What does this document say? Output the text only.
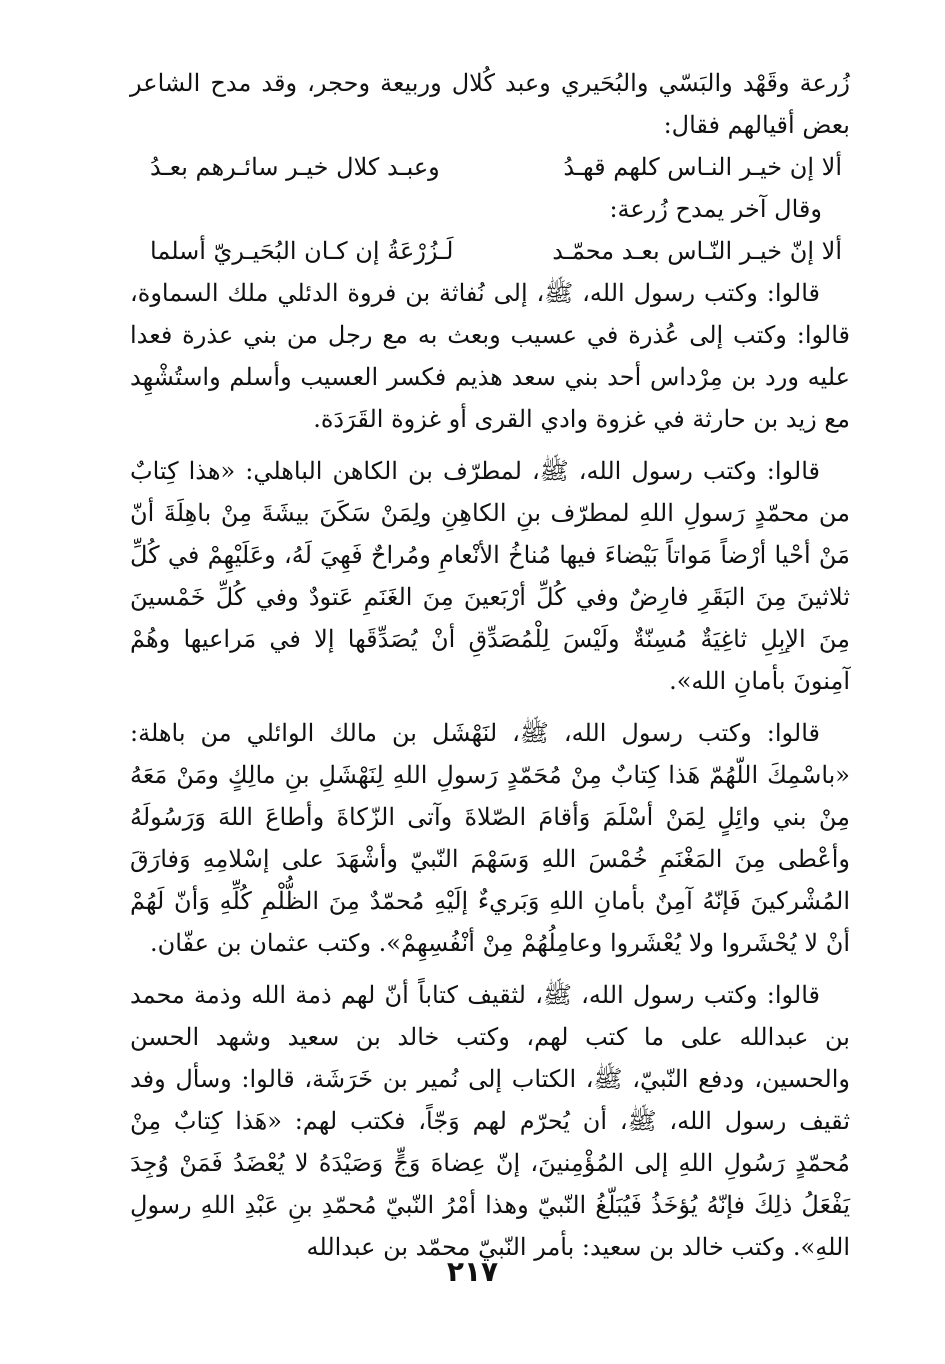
زُرعة وقَهْد والبَسّي والبُحَيري وعبد كُلال وربيعة وحجر، وقد مدح الشاعر بعض أقيالهم فقال:

ألا إن خيـر النـاس كلهم قهـدُ
وعبـد كلال خيـر سائـرهم بعـدُ

وقال آخر يمدح زُرعة:

ألا إنّ خيـر النّـاس بعـد محمّـد
لَـزُرْعَةُ إن كـان البُحَيـريّ أسلما

قالوا: وكتب رسول الله، ﷺ، إلى نُفاثة بن فروة الدئلي ملك السماوة، قالوا: وكتب إلى عُذرة في عسيب وبعث به مع رجل من بني عذرة فعدا عليه ورد بن مِرْداس أحد بني سعد هذيم فكسر العسيب وأسلم واستُشْهِد مع زيد بن حارثة في غزوة وادي القرى أو غزوة القَرَدَة.

قالوا: وكتب رسول الله، ﷺ، لمطرّف بن الكاهن الباهلي: «هذا كِتابٌ من محمّدٍ رَسولِ اللهِ لمطرّف بنِ الكاهِنِ ولِمَنْ سَكَنَ بيشَةَ مِنْ باهِلَةَ أنّ مَنْ أحْيا أرْضاً مَواتاً بَيْضاءَ فيها مُناخُ الأنْعامِ ومُراحٌ فَهِيَ لَهُ، وعَلَيْهِمْ في كُلِّ ثلاثينَ مِنَ البَقَرِ فارِضٌ وفي كُلِّ أرْبَعينَ مِنَ الغَنَمِ عَتودٌ وفي كُلِّ خَمْسينَ مِنَ الإبِلِ ثاغِيَةٌ مُسِنّةٌ ولَيْسَ لِلْمُصَدِّقِ أنْ يُصَدِّقَها إلا في مَراعيها وهُمْ آمِنونَ بأمانِ الله».

قالوا: وكتب رسول الله، ﷺ، لنَهْشَل بن مالك الوائلي من باهلة: «باسْمِكَ اللّهُمّ هَذا كِتابٌ مِنْ مُحَمّدٍ رَسولِ اللهِ لِنَهْشَلِ بنِ مالِكٍ ومَنْ مَعَهُ مِنْ بني وائِلٍ لِمَنْ أسْلَمَ وَأقامَ الصّلاةَ وآتى الزّكاةَ وأطاعَ اللهَ وَرَسُولَهُ وأعْطى مِنَ المَغْنَمِ خُمْسَ اللهِ وَسَهْمَ النّبيّ وأشْهَدَ على إسْلامِهِ وَفارَقَ المُشْركينَ فَإنّهُ آمِنٌ بأمانِ اللهِ وَبَريءٌ إلَيْهِ مُحمّدٌ مِنَ الظُّلْمِ كُلِّهِ وَأنّ لَهُمْ أنْ لا يُحْشَروا ولا يُعْشَروا وعامِلُهُمْ مِنْ أنْفُسِهِمْ». وكتب عثمان بن عفّان.

قالوا: وكتب رسول الله، ﷺ، لثقيف كتاباً أنّ لهم ذمة الله وذمة محمد بن عبدالله على ما كتب لهم، وكتب خالد بن سعيد وشهد الحسن والحسين، ودفع النّبيّ، ﷺ، الكتاب إلى نُمير بن خَرَشَة، قالوا: وسأل وفد ثقيف رسول الله، ﷺ، أن يُحرّم لهم وَجّاً، فكتب لهم: «هَذا كِتابٌ مِنْ مُحمّدٍ رَسُولِ اللهِ إلى المُؤْمِنينَ، إنّ عِضاهَ وَجٍّ وَصَيْدَهُ لا يُعْضَدُ فَمَنْ وُجِدَ يَفْعَلُ ذلِكَ فإنّهُ يُؤخَذُ فَيُبَلّغُ النّبيّ وهذا أمْرُ النّبيّ مُحمّدِ بنِ عَبْدِ اللهِ رسولِ اللهِ». وكتب خالد بن سعيد: بأمر النّبيّ محمّد بن عبدالله

٢١٧
